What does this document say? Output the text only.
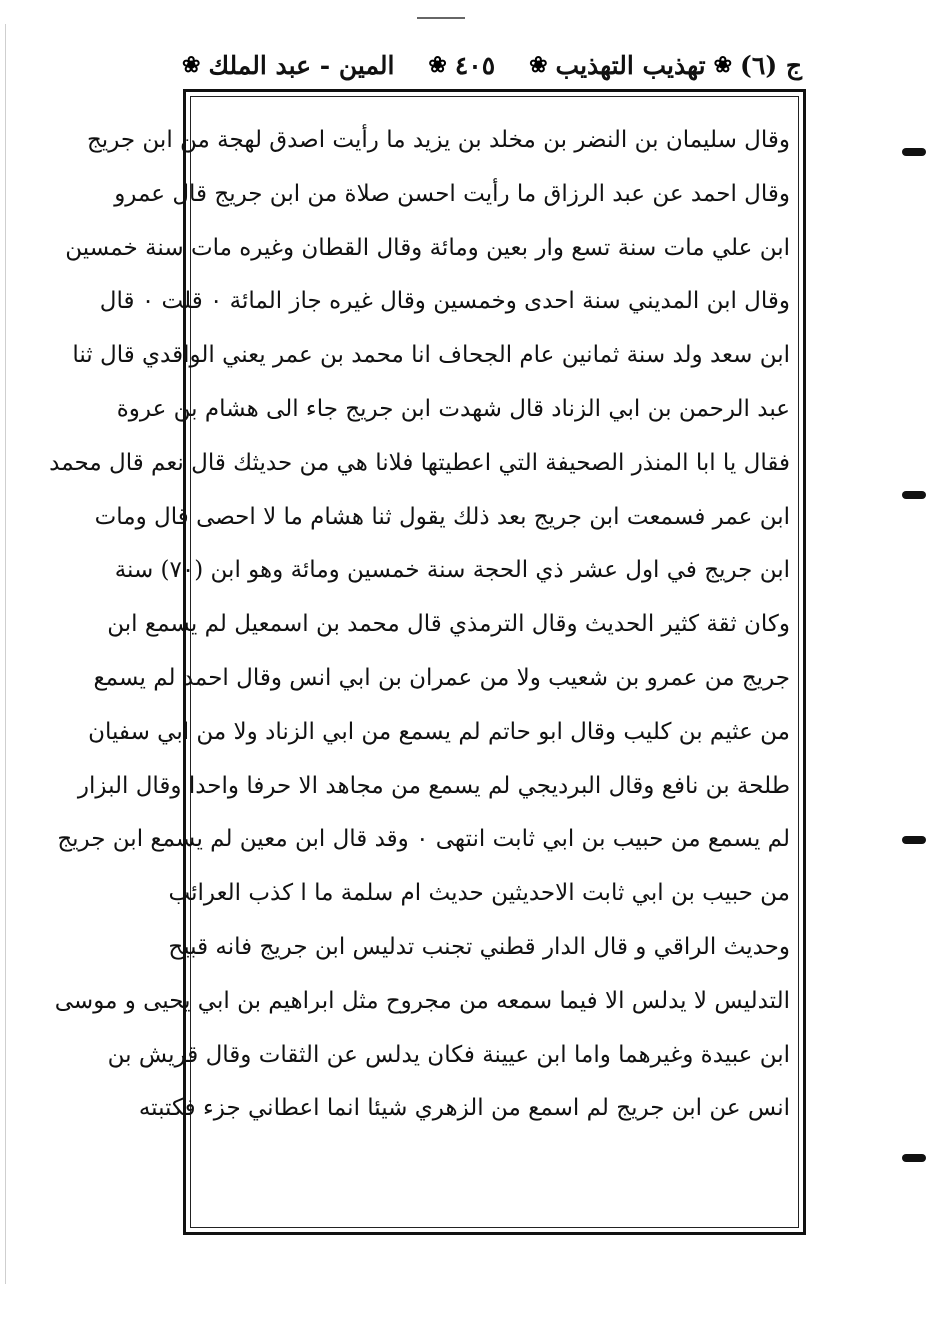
ج (٦)
❀
تهذيب التهذيب
❀
٤٠٥
❀
المين - عبد الملك
❀
وقال سليمان بن النضر بن مخلد بن يزيد ما رأيت اصدق لهجة من ابن جريج
وقال احمد عن عبد الرزاق ما رأيت احسن صلاة من ابن جريج قال عمرو
ابن علي مات سنة تسع وار بعين ومائة وقال القطان وغيره مات سنة خمسين
وقال ابن المديني سنة احدى وخمسين وقال غيره جاز المائة ٠ قلت ٠ قال
ابن سعد ولد سنة ثمانين عام الجحاف انا محمد بن عمر يعني الواقدي قال ثنا
عبد الرحمن بن ابي الزناد قال شهدت ابن جريج جاء الى هشام بن عروة
فقال يا ابا المنذر الصحيفة التي اعطيتها فلانا هي من حديثك قال نعم قال محمد
ابن عمر فسمعت ابن جريج بعد ذلك يقول ثنا هشام ما لا احصى قال ومات
ابن جريج في اول عشر ذي الحجة سنة خمسين ومائة وهو ابن (٧٠) سنة
وكان ثقة كثير الحديث وقال الترمذي قال محمد بن اسمعيل لم يسمع ابن
جريج من عمرو بن شعيب ولا من عمران بن ابي انس وقال احمد لم يسمع
من عثيم بن كليب وقال ابو حاتم لم يسمع من ابي الزناد ولا من ابي سفيان
طلحة بن نافع وقال البرديجي لم يسمع من مجاهد الا حرفا واحدا وقال البزار
لم يسمع من حبيب بن ابي ثابت انتهى ٠ وقد قال ابن معين لم يسمع ابن جريج
من حبيب بن ابي ثابت الاحديثين حديث ام سلمة ما ا كذب العرائب
وحديث الراقي و قال الدار قطني تجنب تدليس ابن جريج فانه قبيح
التدليس لا يدلس الا فيما سمعه من مجروح مثل ابراهيم بن ابي يحيى و موسى
ابن عبيدة وغيرهما واما ابن عيينة فكان يدلس عن الثقات وقال قريش بن
انس عن ابن جريج لم اسمع من الزهري شيئا انما اعطاني جزء فكتبته
